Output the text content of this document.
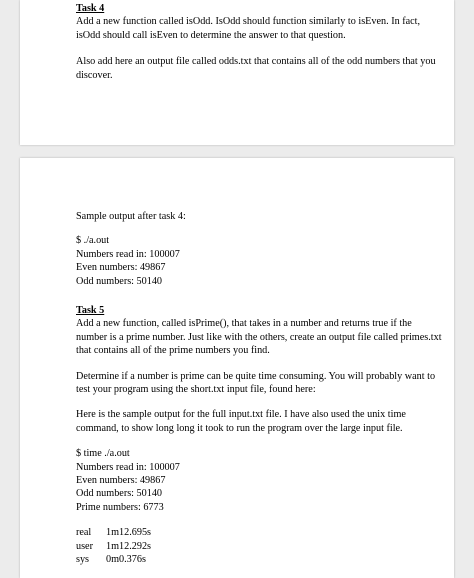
Task 4

Add a new function called isOdd. IsOdd should function similarly to isEven. In fact, isOdd should call isEven to determine the answer to that question.

Also add here an output file called odds.txt that contains all of the odd numbers that you discover.

Sample output after task 4:

$ ./a.out
Numbers read in: 100007
Even numbers: 49867
Odd numbers: 50140

Task 5

Add a new function, called isPrime(), that takes in a number and returns true if the number is a prime number. Just like with the others, create an output file called primes.txt that contains all of the prime numbers you find.

Determine if a number is prime can be quite time consuming. You will probably want to test your program using the short.txt input file, found here:

Here is the sample output for the full input.txt file. I have also used the unix time command, to show long long it took to run the program over the large input file.

$ time ./a.out
Numbers read in: 100007
Even numbers: 49867
Odd numbers: 50140
Prime numbers: 6773
real	1m12.695s
user	1m12.292s
sys	0m0.376s
